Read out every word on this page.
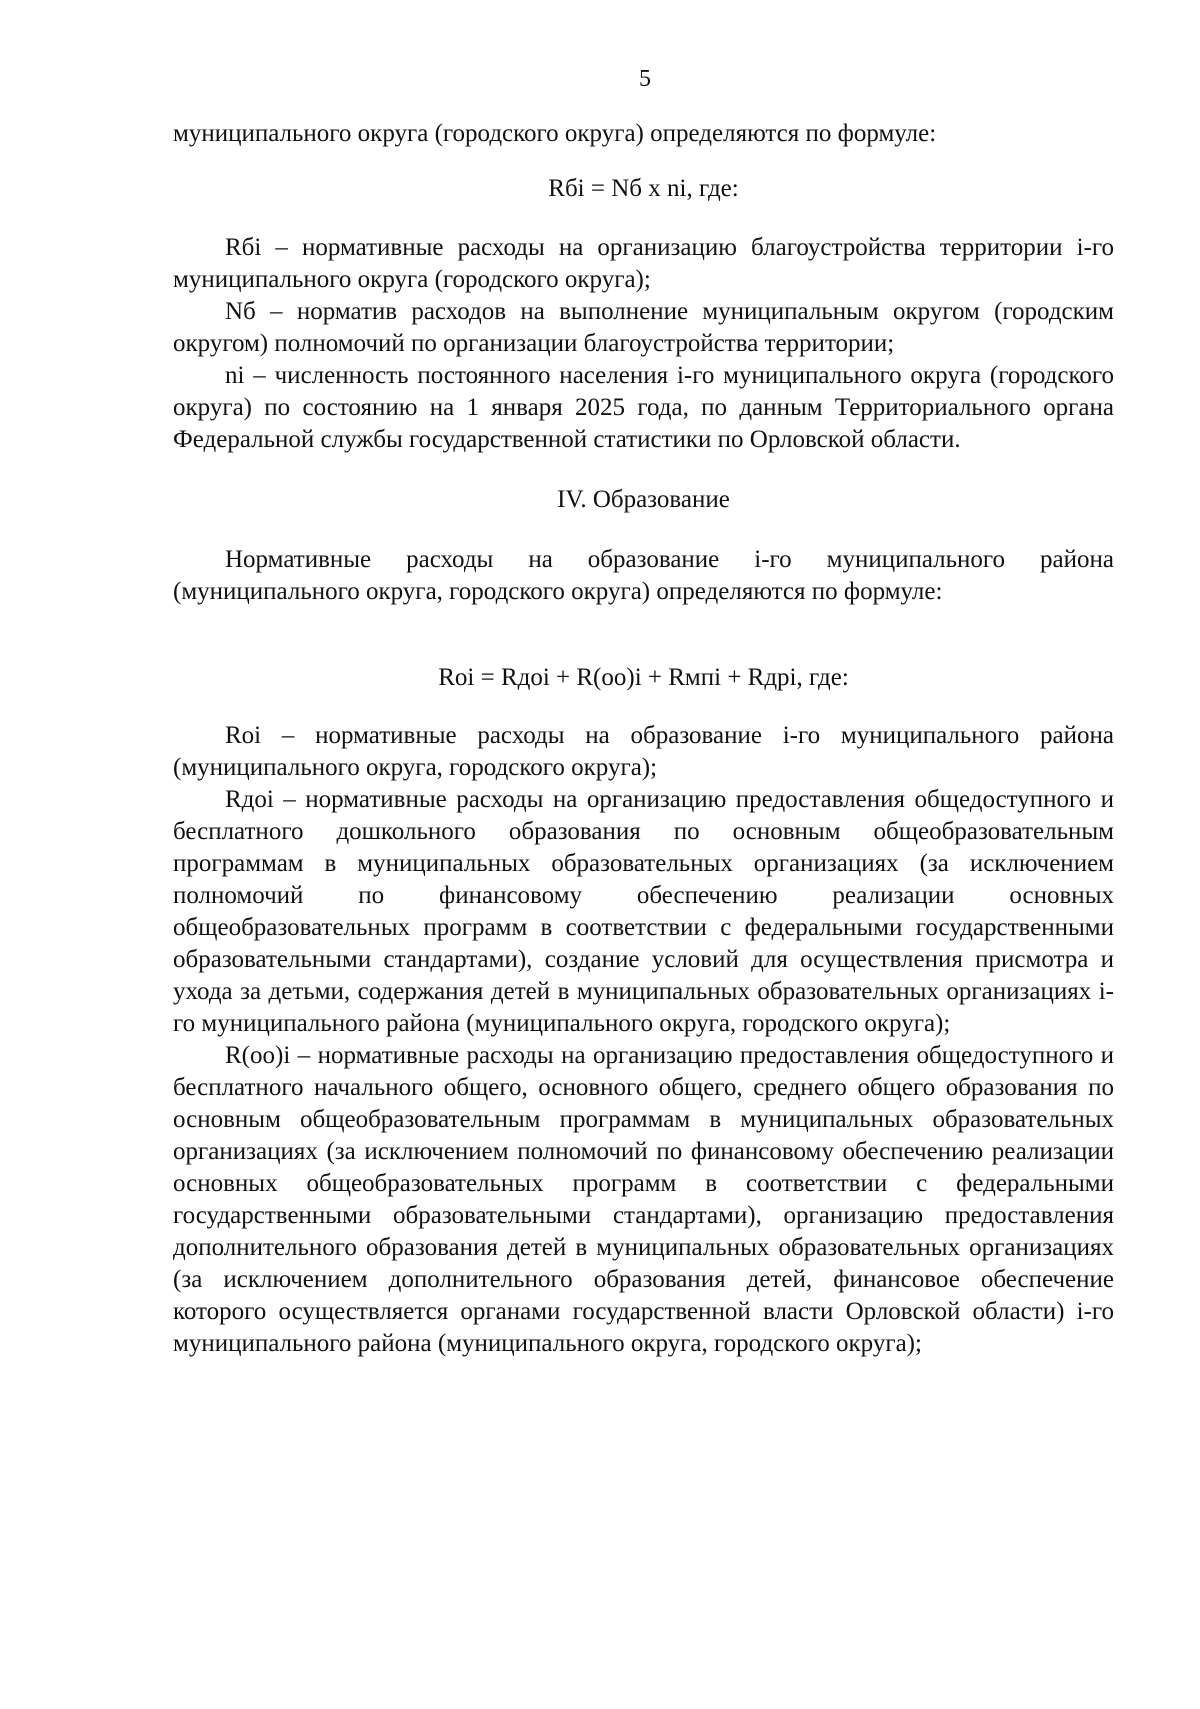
5

муниципального округа (городского округа) определяются по формуле:

Rбi = Nб x ni, где:

Rбi – нормативные расходы на организацию благоустройства территории i-го муниципального округа (городского округа);

Nб – норматив расходов на выполнение муниципальным округом (городским округом) полномочий по организации благоустройства территории;

ni – численность постоянного населения i-го муниципального округа (городского округа) по состоянию на 1 января 2025 года, по данным Территориального органа Федеральной службы государственной статистики по Орловской области.

IV. Образование

Нормативные расходы на образование i-го муниципального района (муниципального округа, городского округа) определяются по формуле:

Roi = Rдoi + R(oo)i + Rмпi + Rдрi, где:

Roi – нормативные расходы на образование i-го муниципального района (муниципального округа, городского округа);

Rдoi – нормативные расходы на организацию предоставления общедоступного и бесплатного дошкольного образования по основным общеобразовательным программам в муниципальных образовательных организациях (за исключением полномочий по финансовому обеспечению реализации основных общеобразовательных программ в соответствии с федеральными государственными образовательными стандартами), создание условий для осуществления присмотра и ухода за детьми, содержания детей в муниципальных образовательных организациях i-го муниципального района (муниципального округа, городского округа);

R(oo)i – нормативные расходы на организацию предоставления общедоступного и бесплатного начального общего, основного общего, среднего общего образования по основным общеобразовательным программам в муниципальных образовательных организациях (за исключением полномочий по финансовому обеспечению реализации основных общеобразовательных программ в соответствии с федеральными государственными образовательными стандартами), организацию предоставления дополнительного образования детей в муниципальных образовательных организациях (за исключением дополнительного образования детей, финансовое обеспечение которого осуществляется органами государственной власти Орловской области) i-го муниципального района (муниципального округа, городского округа);
